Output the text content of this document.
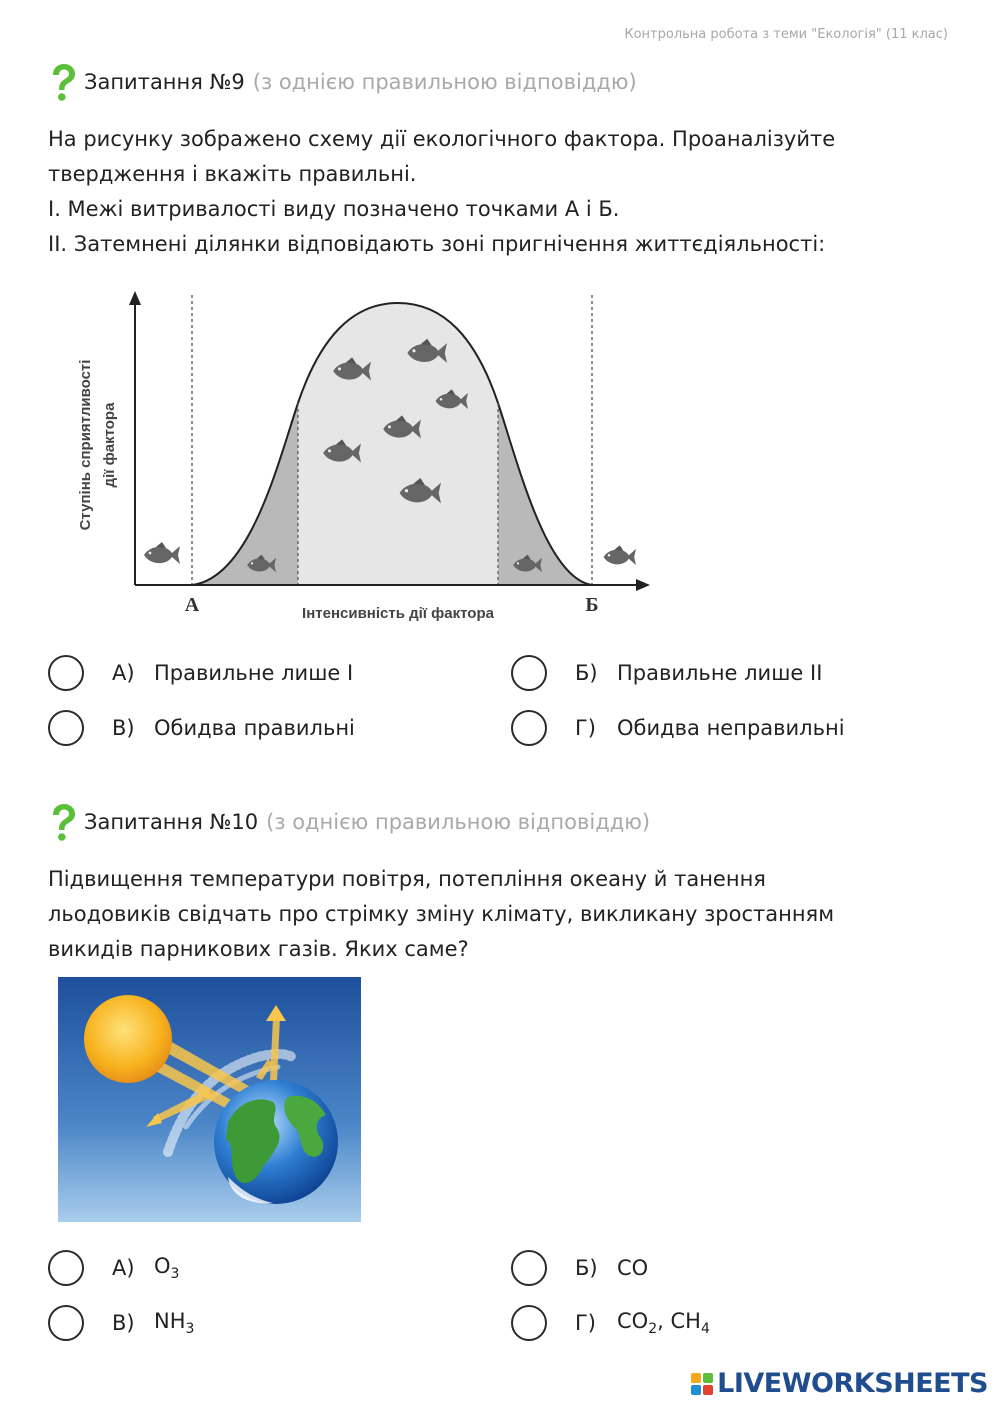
Контрольна робота з теми "Екологія" (11 клас)
Запитання №9 (з однією правильною відповіддю)

На рисунку зображено схему дії екологічного фактора. Проаналізуйте

твердження і вкажіть правильні.

I. Межі витривалості виду позначено точками А і Б.

II. Затемнені ділянки відповідають зоні пригнічення життєдіяльності:

Ступінь сприятливості дії фактора
Інтенсивність дії фактора
А	Б
А) Правильне лише I	Б) Правильне лише II
В) Обидва правильні	Г)	Обидва неправильні
Запитання №10 (з однією правильною відповіддю)

Підвищення температури повітря, потепління океану й танення

льодовиків свідчать про стрімку зміну клімату, викликану зростанням

викидів парникових газів. Яких саме?

А) $O_3$	Б) CO
В) $NH_3$	Г)	$CO_2$, $CH_4$
LIVEWORKSHEETS
